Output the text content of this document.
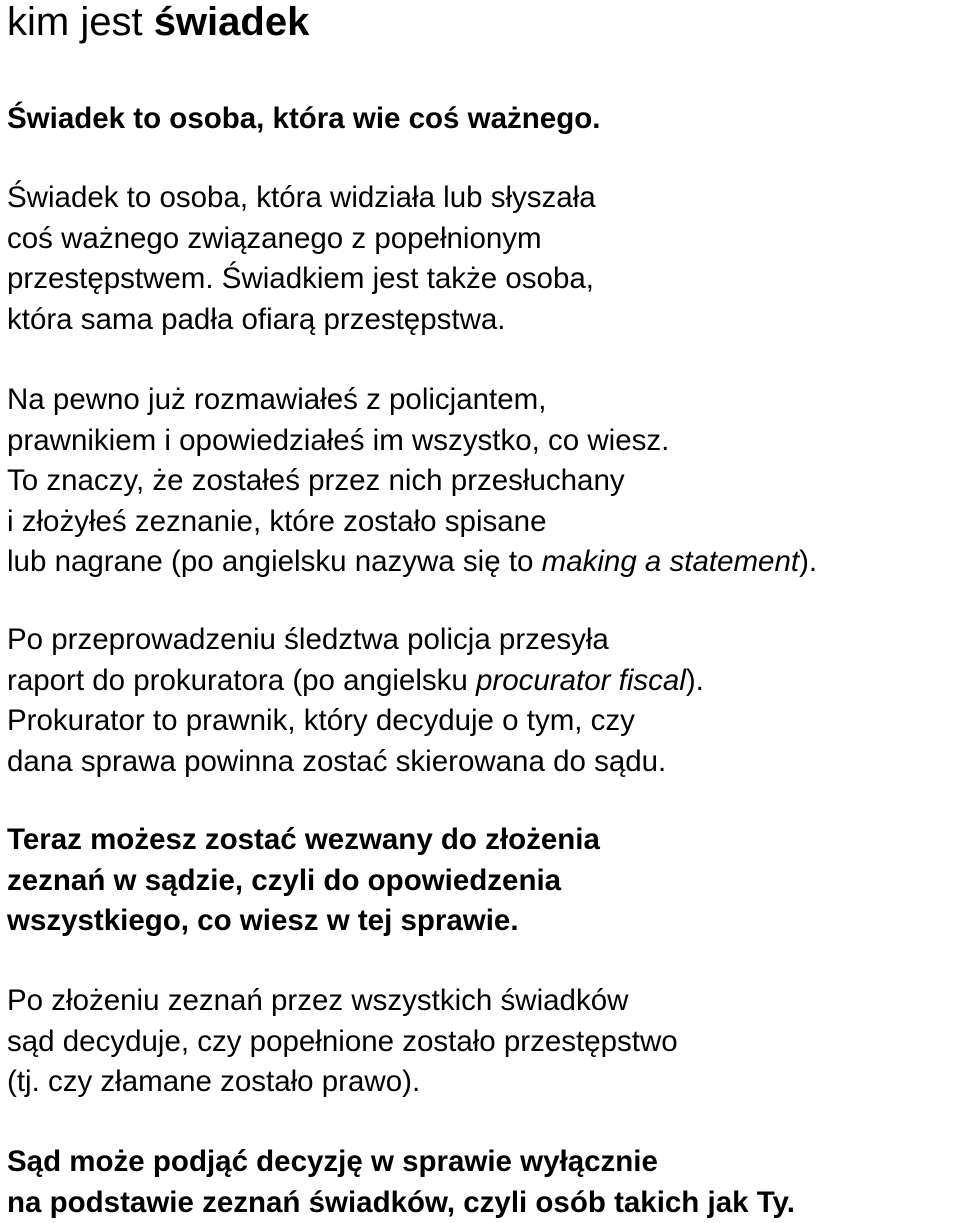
kim jest świadek

Świadek to osoba, która wie coś ważnego.

Świadek to osoba, która widziała lub słyszała
coś ważnego związanego z popełnionym
przestępstwem. Świadkiem jest także osoba,
która sama padła ofiarą przestępstwa.

Na pewno już rozmawiałeś z policjantem,
prawnikiem i opowiedziałeś im wszystko, co wiesz.
To znaczy, że zostałeś przez nich przesłuchany
i złożyłeś zeznanie, które zostało spisane
lub nagrane (po angielsku nazywa się to making a statement).

Po przeprowadzeniu śledztwa policja przesyła
raport do prokuratora (po angielsku procurator fiscal).
Prokurator to prawnik, który decyduje o tym, czy
dana sprawa powinna zostać skierowana do sądu.

Teraz możesz zostać wezwany do złożenia
zeznań w sądzie, czyli do opowiedzenia
wszystkiego, co wiesz w tej sprawie.

Po złożeniu zeznań przez wszystkich świadków
sąd decyduje, czy popełnione zostało przestępstwo
(tj. czy złamane zostało prawo).

Sąd może podjąć decyzję w sprawie wyłącznie
na podstawie zeznań świadków, czyli osób takich jak Ty.
